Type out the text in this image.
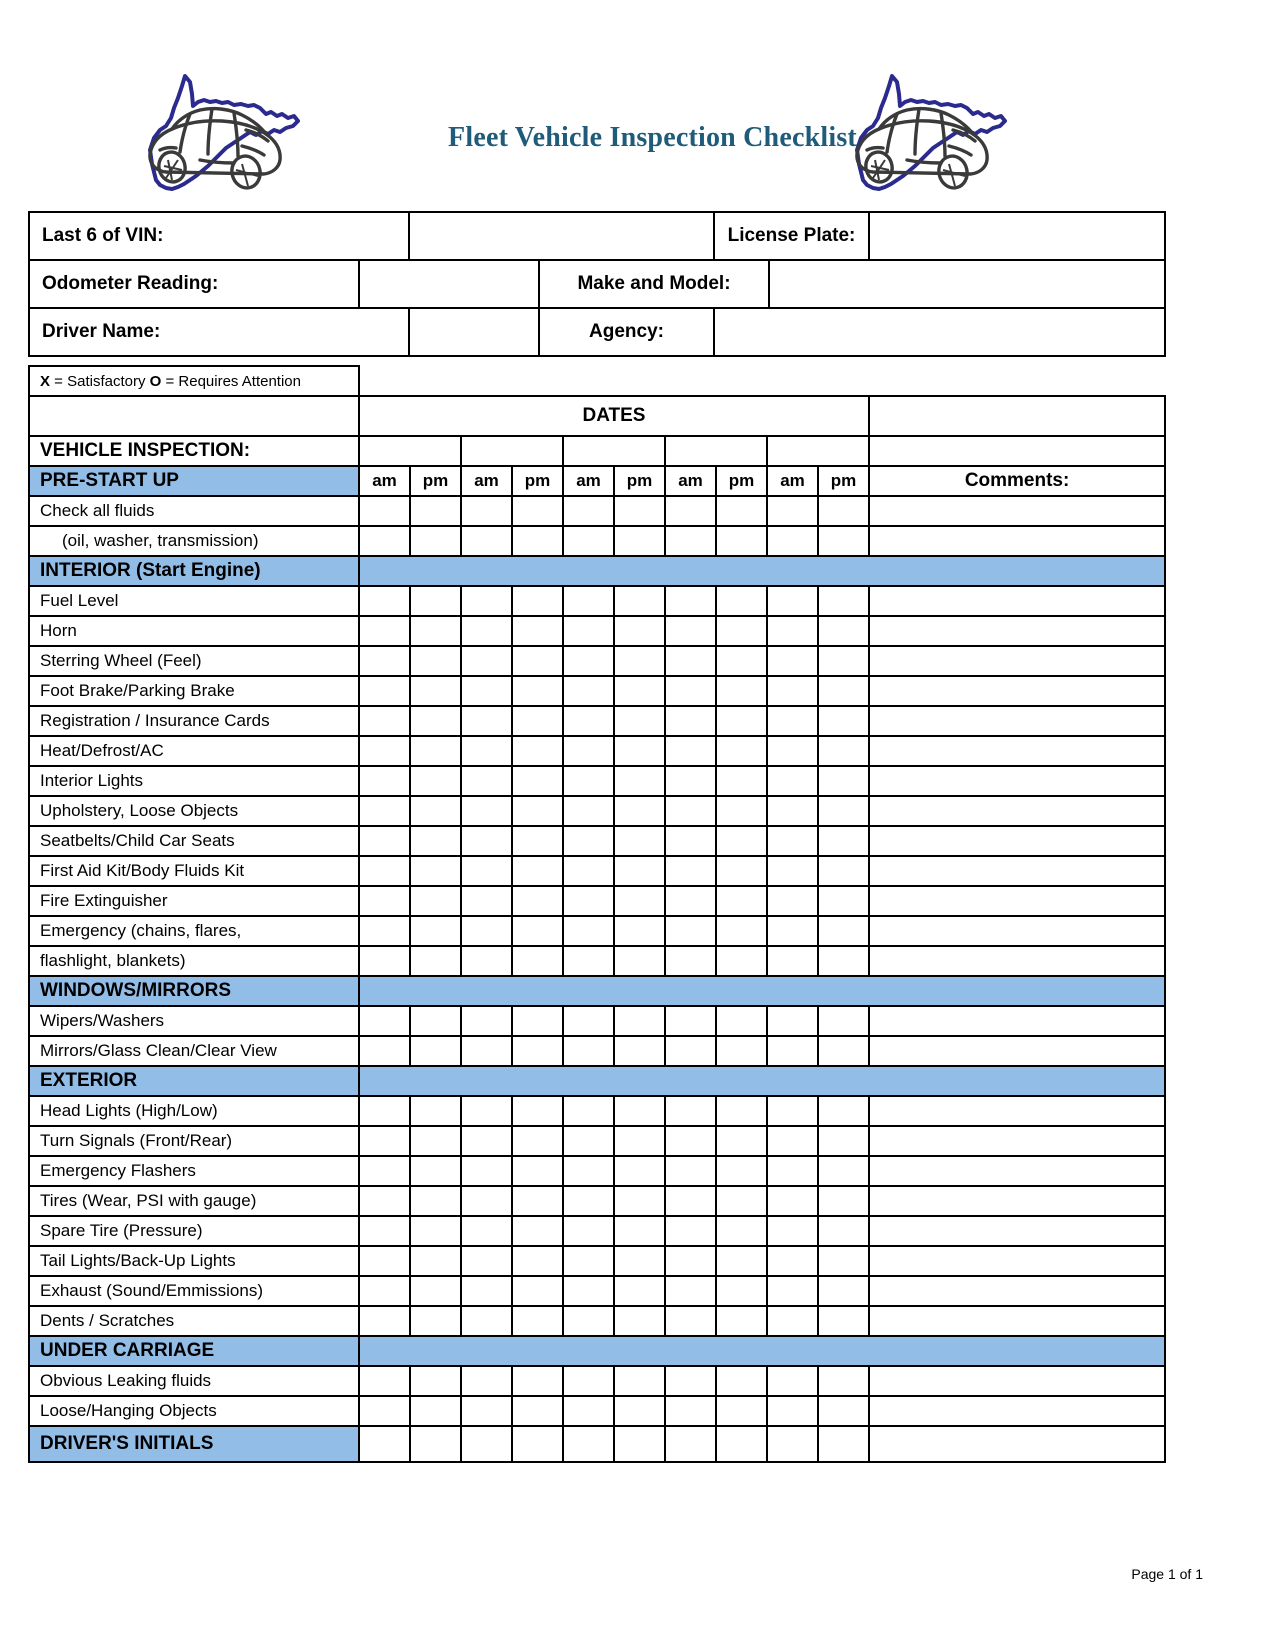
Fleet Vehicle Inspection Checklist
Last 6 of VIN:				License Plate:		
Odometer Reading:			Make and Model:			
Driver Name:			Agency:			
X = Satisfactory O = Requires Attention											
	DATES										
VEHICLE INSPECTION:											
PRE-START UP	am	pm	am	pm	am	pm	am	pm	am	pm	Comments:
Check all fluids											
(oil, washer, transmission)											
INTERIOR (Start Engine)											
Fuel Level											
Horn											
Sterring Wheel (Feel)											
Foot Brake/Parking Brake											
Registration / Insurance Cards											
Heat/Defrost/AC											
Interior Lights											
Upholstery, Loose Objects											
Seatbelts/Child Car Seats											
First Aid Kit/Body Fluids Kit											
Fire Extinguisher											
Emergency (chains, flares,											
flashlight, blankets)											
WINDOWS/MIRRORS											
Wipers/Washers											
Mirrors/Glass Clean/Clear View											
EXTERIOR											
Head Lights (High/Low)											
Turn Signals (Front/Rear)											
Emergency Flashers											
Tires (Wear, PSI with gauge)											
Spare Tire (Pressure)											
Tail Lights/Back-Up Lights											
Exhaust (Sound/Emmissions)											
Dents / Scratches											
UNDER CARRIAGE											
Obvious Leaking fluids											
Loose/Hanging Objects											
DRIVER'S INITIALS											
Page 1 of 1
